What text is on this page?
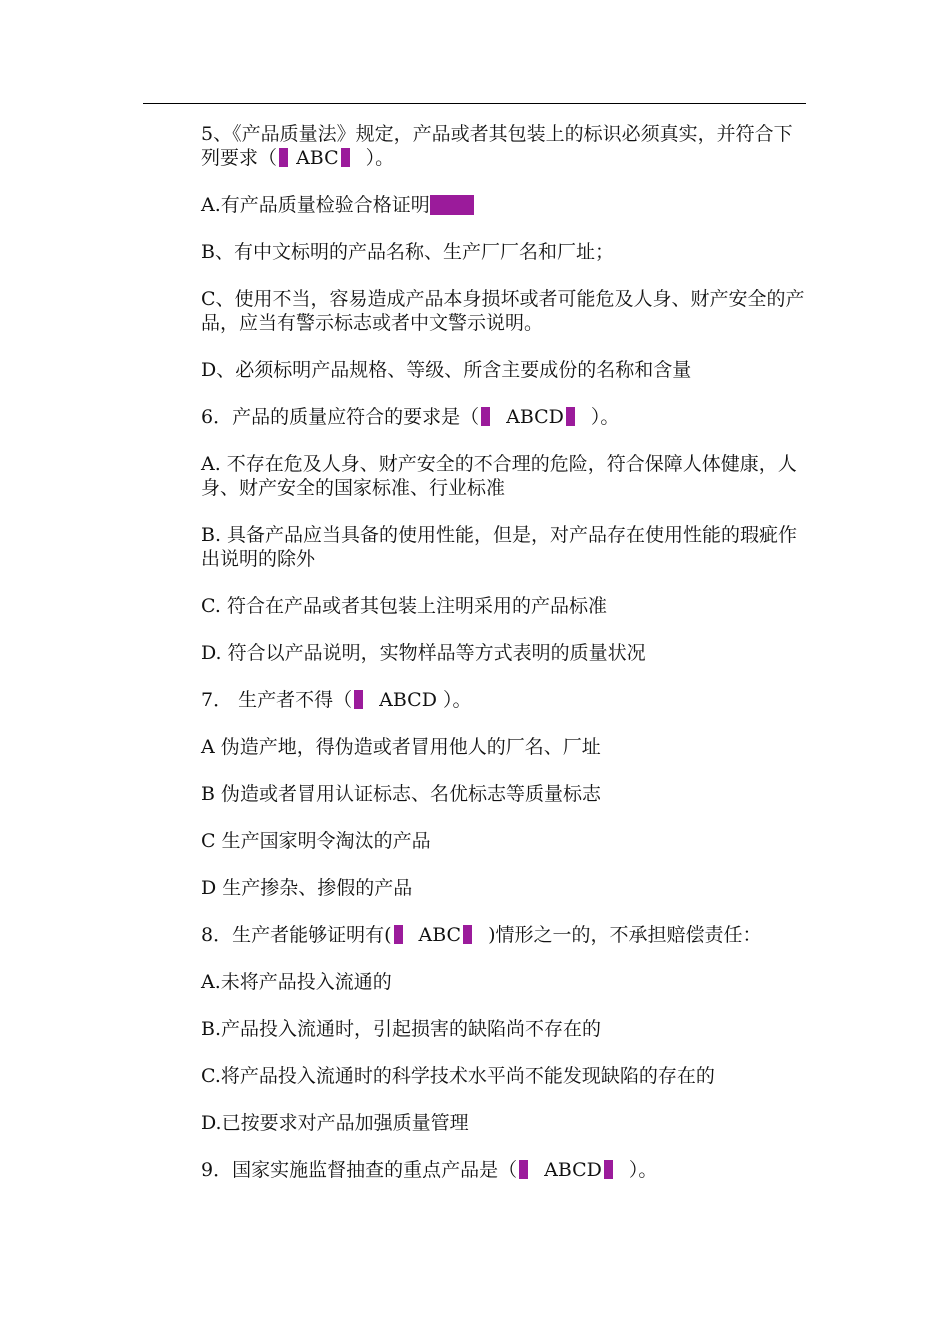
5、《产品质量法》规定，产品或者其包装上的标识必须真实，并符合下列要求（ ABC ）。

A.有产品质量检验合格证明

B、有中文标明的产品名称、生产厂厂名和厂址；

C、使用不当，容易造成产品本身损坏或者可能危及人身、财产安全的产品，应当有警示标志或者中文警示说明。

D、必须标明产品规格、等级、所含主要成份的名称和含量

6．产品的质量应符合的要求是（ ABCD ）。

A. 不存在危及人身、财产安全的不合理的危险，符合保障人体健康，人身、财产安全的国家标准、行业标准

B. 具备产品应当具备的使用性能，但是，对产品存在使用性能的瑕疵作出说明的除外

C. 符合在产品或者其包装上注明采用的产品标准

D. 符合以产品说明，实物样品等方式表明的质量状况

7． 生产者不得（ ABCD ）。

A 伪造产地，得伪造或者冒用他人的厂名、厂址

B 伪造或者冒用认证标志、名优标志等质量标志

C 生产国家明令淘汰的产品

D 生产掺杂、掺假的产品

8．生产者能够证明有( ABC )情形之一的，不承担赔偿责任：

A.未将产品投入流通的

B.产品投入流通时，引起损害的缺陷尚不存在的

C.将产品投入流通时的科学技术水平尚不能发现缺陷的存在的

D.已按要求对产品加强质量管理

9．国家实施监督抽查的重点产品是（ ABCD ）。
